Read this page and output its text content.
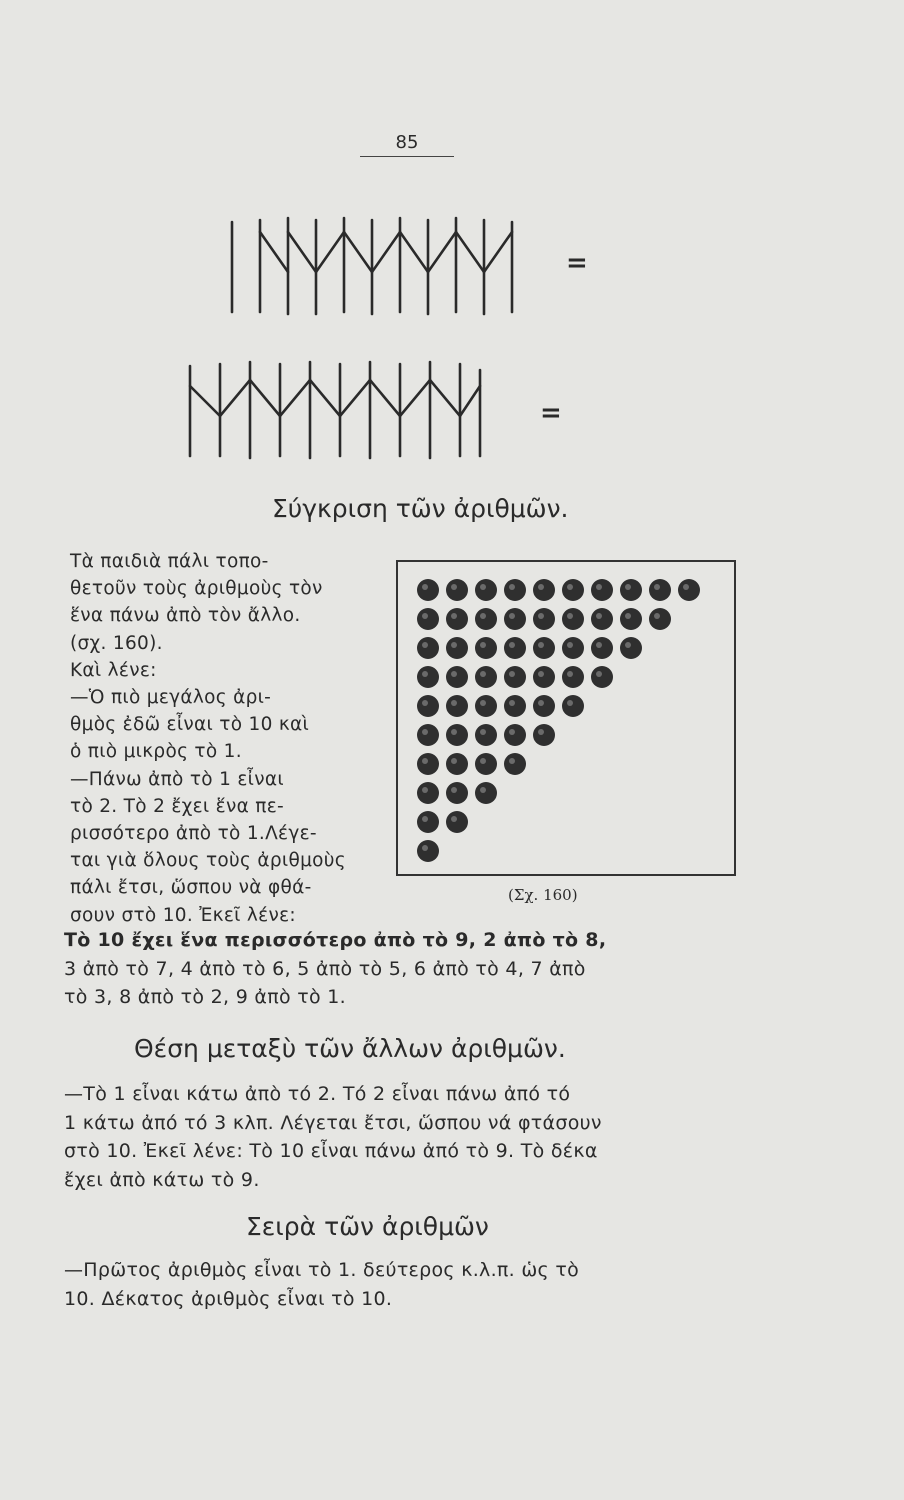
85
=
=
Σύγκριση τῶν ἀριθμῶν.

Τὰ παιδιὰ πάλι τοπο-

θετοῦν τοὺς ἀριθμοὺς τὸν

ἕνα πάνω ἀπὸ τὸν ἄλλο.

(σχ. 160).

Καὶ λένε:

—Ὁ πιὸ μεγάλος ἀρι-

θμὸς ἐδῶ εἶναι τὸ 10 καὶ

ὁ πιὸ μικρὸς τὸ 1.

—Πάνω ἀπὸ τὸ 1 εἶναι

τὸ 2. Τὸ 2 ἔχει ἕνα πε-

ρισσότερο ἀπὸ τὸ 1.Λέγε-

ται γιὰ ὅλους τοὺς ἀριθμοὺς

πάλι ἔτσι, ὥσπου νὰ φθά-

σουν στὸ 10. Ἐκεῖ λένε:

(Σχ. 160)

Τὸ 10 ἔχει ἕνα περισσότερο ἀπὸ τὸ 9, 2 ἀπὸ τὸ 8,

3 ἀπὸ τὸ 7, 4 ἀπὸ τὸ 6, 5 ἀπὸ τὸ 5, 6 ἀπὸ τὸ 4, 7 ἀπὸ

τὸ 3, 8 ἀπὸ τὸ 2, 9 ἀπὸ τὸ 1.

Θέση μεταξὺ τῶν ἄλλων ἀριθμῶν.

—Τὸ 1 εἶναι κάτω ἀπὸ τό 2. Τό 2 εἶναι πάνω ἀπό τό

1 κάτω ἀπό τό 3 κλπ. Λέγεται ἔτσι, ὥσπου νά φτάσουν

στὸ 10. Ἐκεῖ λένε: Τὸ 10 εἶναι πάνω ἀπό τὸ 9. Τὸ δέκα

ἔχει ἀπὸ κάτω τὸ 9.

Σειρὰ τῶν ἀριθμῶν

—Πρῶτος ἀριθμὸς εἶναι τὸ 1. δεύτερος κ.λ.π. ὡς τὸ

10. Δέκατος ἀριθμὸς εἶναι τὸ 10.
